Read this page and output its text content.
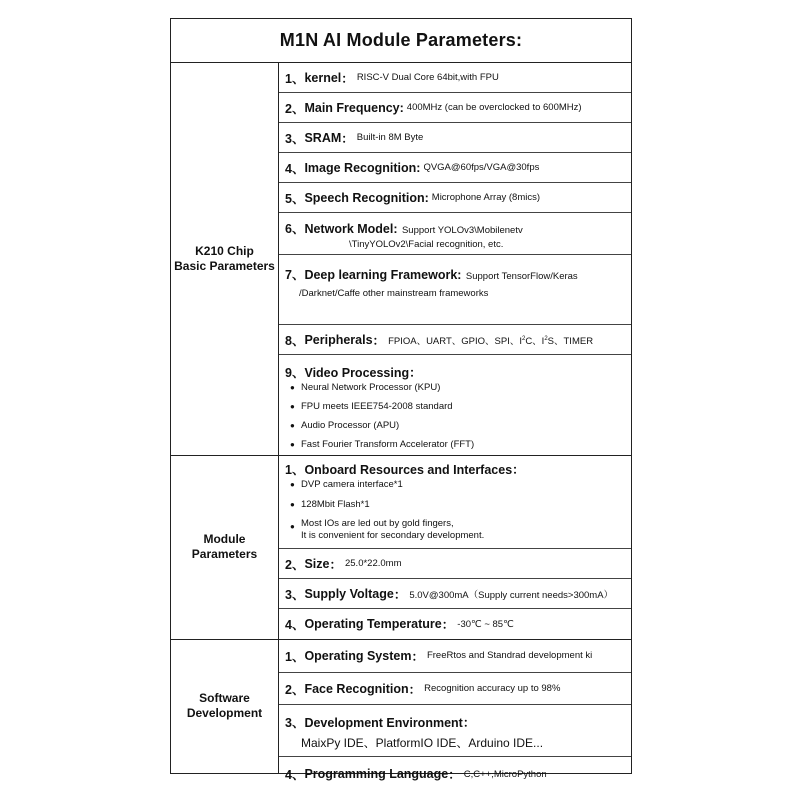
M1N AI Module Parameters:
K210 Chip
Basic Parameters
1、 kernel ： RISC-V Dual Core 64bit,with FPU
2、 Main Frequency: 400MHz (can be overclocked to 600MHz)
3、 SRAM ： Built-in 8M Byte
4、 Image Recognition: QVGA@60fps/VGA@30fps
5、 Speech Recognition: Microphone Array (8mics)
6、Network Model: Support YOLOv3\Mobilenetv
\TinyYOLOv2\Facial recognition, etc.
7、Deep learning Framework: Support TensorFlow/Keras
/Darknet/Caffe other mainstream frameworks
8、 Peripherals ： FPIOA、UART、GPIO、SPI、$I^2C$、$I^2S$、TIMER
9、Video Processing：
● Neural Network Processor (KPU)
● FPU meets IEEE754-2008 standard
● Audio Processor (APU)
● Fast Fourier Transform Accelerator (FFT)
Module
Parameters
1、Onboard Resources and Interfaces：
● DVP camera interface*1
● 128Mbit Flash*1
● Most IOs are led out by gold fingers,
It is convenient for secondary development.
2、 Size ： 25.0*22.0mm
3、 Supply Voltage ： 5.0V@300mA（Supply current needs>300mA）
4、 Operating Temperature ： -30℃ ~ 85℃
Software
Development
1、 Operating System ： FreeRtos and Standrad development ki
2、 Face Recognition ： Recognition accuracy up to 98%
3、Development Environment：
MaixPy IDE、PlatformIO IDE、Arduino IDE...
4、 Programming Language ： C,C++,MicroPython
